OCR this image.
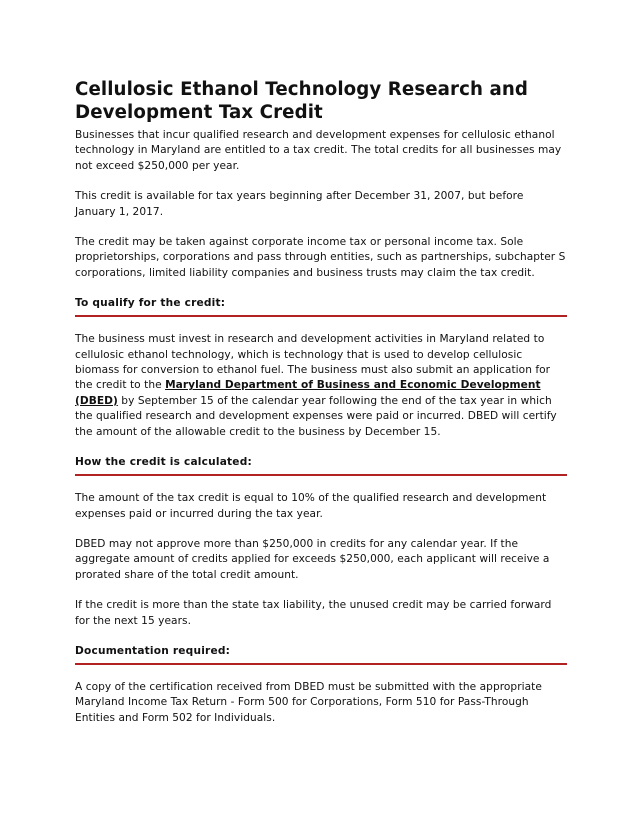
Cellulosic Ethanol Technology Research and Development Tax Credit

Businesses that incur qualified research and development expenses for cellulosic ethanol technology in Maryland are entitled to a tax credit. The total credits for all businesses may not exceed $250,000 per year.

This credit is available for tax years beginning after December 31, 2007, but before January 1, 2017.

The credit may be taken against corporate income tax or personal income tax. Sole proprietorships, corporations and pass through entities, such as partnerships, subchapter S corporations, limited liability companies and business trusts may claim the tax credit.

To qualify for the credit:

The business must invest in research and development activities in Maryland related to cellulosic ethanol technology, which is technology that is used to develop cellulosic biomass for conversion to ethanol fuel. The business must also submit an application for the credit to the Maryland Department of Business and Economic Development (DBED) by September 15 of the calendar year following the end of the tax year in which the qualified research and development expenses were paid or incurred. DBED will certify the amount of the allowable credit to the business by December 15.

How the credit is calculated:

The amount of the tax credit is equal to 10% of the qualified research and development expenses paid or incurred during the tax year.

DBED may not approve more than $250,000 in credits for any calendar year. If the aggregate amount of credits applied for exceeds $250,000, each applicant will receive a prorated share of the total credit amount.

If the credit is more than the state tax liability, the unused credit may be carried forward for the next 15 years.

Documentation required:

A copy of the certification received from DBED must be submitted with the appropriate Maryland Income Tax Return - Form 500 for Corporations, Form 510 for Pass-Through Entities and Form 502 for Individuals.
